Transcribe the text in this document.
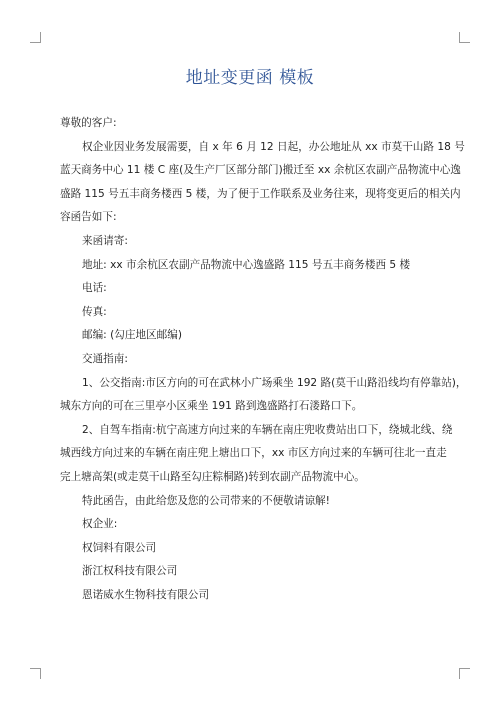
地址变更函 模板

尊敬的客户:

权企业因业务发展需要，自 x 年 6 月 12 日起，办公地址从 xx 市莫干山路 18 号

蓝天商务中心 11 楼 C 座(及生产厂区部分部门)搬迁至 xx 余杭区农副产品物流中心逸

盛路 115 号五丰商务楼西 5 楼，为了便于工作联系及业务往来，现将变更后的相关内

容函告如下:

来函请寄:

地址: xx 市余杭区农副产品物流中心逸盛路 115 号五丰商务楼西 5 楼

电话:

传真:

邮编: (勾庄地区邮编)

交通指南:

1、公交指南:市区方向的可在武林小广场乘坐 192 路(莫干山路沿线均有停靠站)，

城东方向的可在三里亭小区乘坐 191 路到逸盛路打石溇路口下。

2、自驾车指南:杭宁高速方向过来的车辆在南庄兜收费站出口下，绕城北线、绕

城西线方向过来的车辆在南庄兜上塘出口下，xx 市区方向过来的车辆可往北一直走

完上塘高架(或走莫干山路至勾庄粽桐路)转到农副产品物流中心。

特此函告，由此给您及您的公司带来的不便敬请谅解!

权企业:

权饲料有限公司

浙江权科技有限公司

恩诺威水生物科技有限公司
